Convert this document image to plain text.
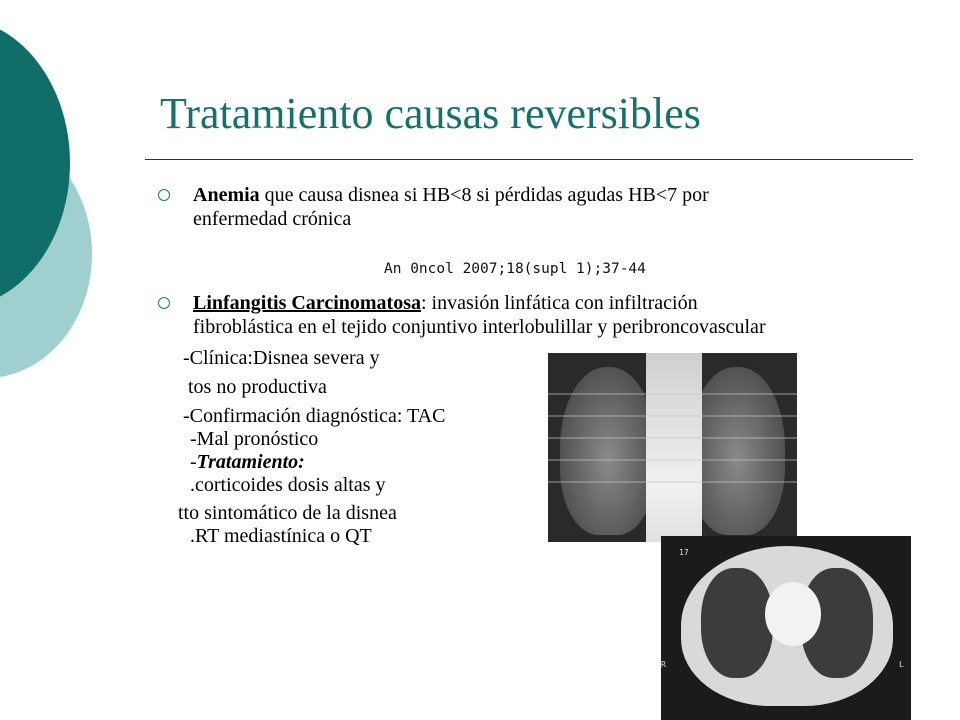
Tratamiento causas reversibles
Anemia que causa disnea si HB<8 si pérdidas agudas HB<7 por
enfermedad crónica
An 0ncol 2007;18(supl 1);37-44
Linfangitis Carcinomatosa: invasión linfática con infiltración
fibroblástica en el tejido conjuntivo interlobulillar y peribroncovascular
-Clínica:Disnea severa y
tos no productiva
-Confirmación diagnóstica: TAC
-Mal pronóstico
-Tratamiento:
.corticoides dosis altas y
tto sintomático de la disnea
.RT mediastínica o QT
17
R	L
